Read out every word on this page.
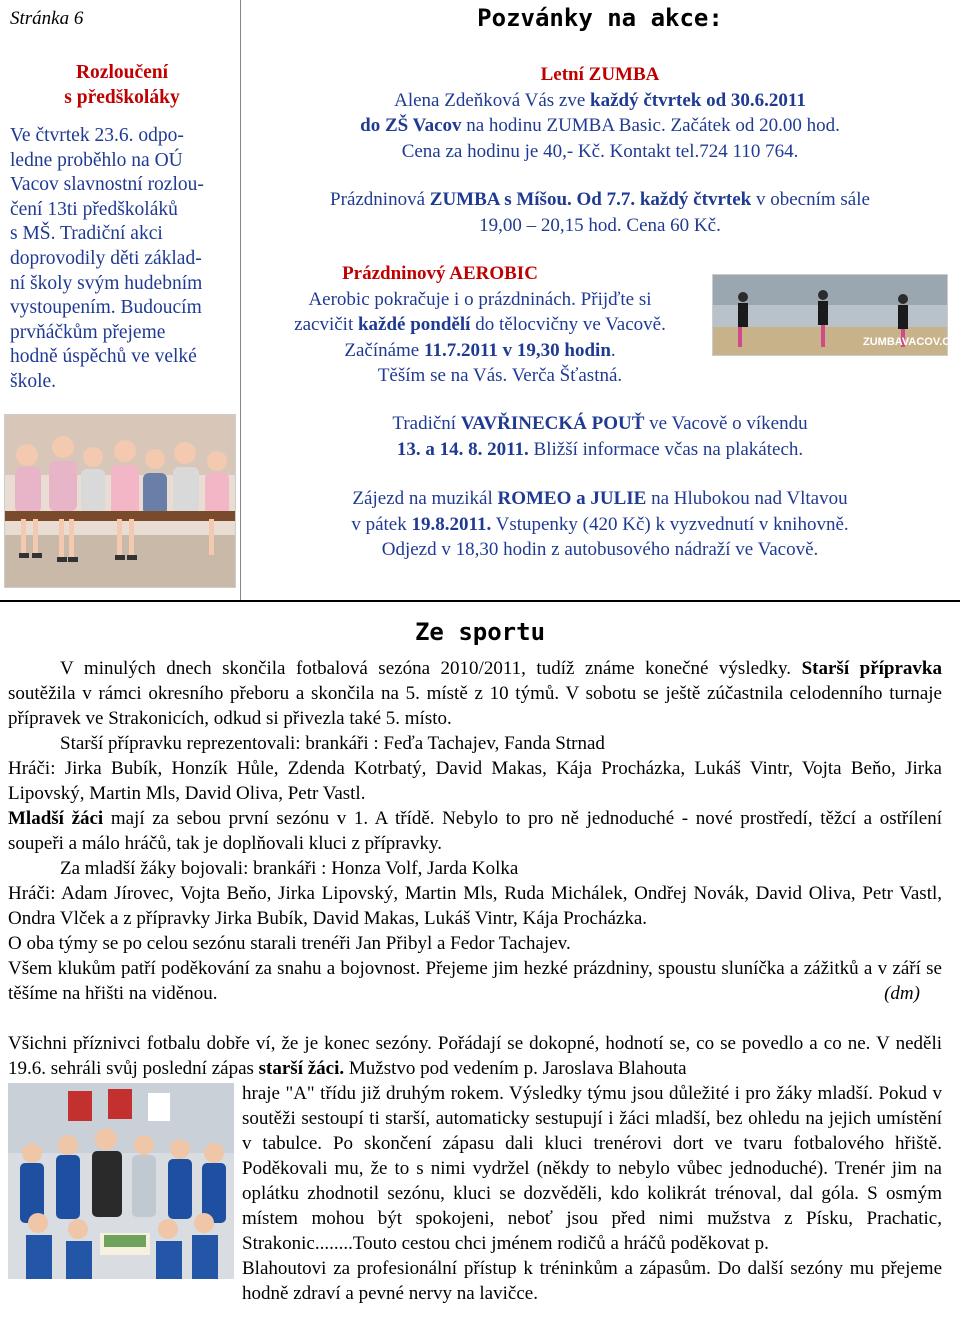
Stránka 6
Rozloučení
s předškoláky
Ve čtvrtek 23.6. odpo-
ledne proběhlo na OÚ
Vacov slavnostní rozlou-
čení 13ti předškoláků
s MŠ. Tradiční akci
doprovodily děti základ-
ní školy svým hudebním
vystoupením. Budoucím
prvňáčkům přejeme
hodně úspěchů ve velké
škole.
Pozvánky na akce:
Letní ZUMBA
Alena Zdeňková Vás zve každý čtvrtek od 30.6.2011
do ZŠ Vacov na hodinu ZUMBA Basic. Začátek od 20.00 hod.
Cena za hodinu je 40,- Kč. Kontakt tel.724 110 764.
Prázdninová ZUMBA s Míšou. Od 7.7. každý čtvrtek v obecním sále
19,00 – 20,15 hod. Cena 60 Kč.
Prázdninový AEROBIC
Aerobic pokračuje i o prázdninách. Přijďte si
zacvičit každé pondělí do tělocvičny ve Vacově.
Začínáme 11.7.2011 v 19,30 hodin.
Těším se na Vás. Verča Šťastná.
ZUMBAVACOV.CZ
Tradiční VAVŘINECKÁ POUŤ ve Vacově o víkendu
13. a 14. 8. 2011. Bližší informace včas na plakátech.
Zájezd na muzikál ROMEO a JULIE na Hlubokou nad Vltavou
v pátek 19.8.2011. Vstupenky (420 Kč) k vyzvednutí v knihovně.
Odjezd v 18,30 hodin z autobusového nádraží ve Vacově.
Ze sportu

V minulých dnech skončila fotbalová sezóna 2010/2011, tudíž známe konečné výsledky. Starší přípravka soutěžila v rámci okresního přeboru a skončila na 5. místě z 10 týmů. V sobotu se ještě zúčastnila celodenního turnaje přípravek ve Strakonicích, odkud si přivezla také 5. místo.

Starší přípravku reprezentovali: brankáři : Feďa Tachajev, Fanda Strnad

Hráči: Jirka Bubík, Honzík Hůle, Zdenda Kotrbatý, David Makas, Kája Procházka, Lukáš Vintr, Vojta Beňo, Jirka Lipovský, Martin Mls, David Oliva, Petr Vastl.

Mladší žáci mají za sebou první sezónu v 1. A třídě. Nebylo to pro ně jednoduché - nové prostředí, těžcí a ostřílení soupeři a málo hráčů, tak je doplňovali kluci z přípravky.

Za mladší žáky bojovali: brankáři : Honza Volf, Jarda Kolka

Hráči: Adam Jírovec, Vojta Beňo, Jirka Lipovský, Martin Mls, Ruda Michálek, Ondřej Novák, David Oliva, Petr Vastl, Ondra Vlček a z přípravky Jirka Bubík, David Makas, Lukáš Vintr, Kája Procházka.

O oba týmy se po celou sezónu starali trenéři Jan Přibyl a Fedor Tachajev.

Všem klukům patří poděkování za snahu a bojovnost. Přejeme jim hezké prázdniny, spoustu sluníčka a zážitků a v září se těšíme na hřišti na viděnou.	(dm)

Všichni příznivci fotbalu dobře ví, že je konec sezóny. Pořádají se dokopné, hodnotí se, co se povedlo a co ne. V neděli 19.6. sehráli svůj poslední zápas starší žáci. Mužstvo pod vedením p. Jaroslava Blahouta

hraje "A" třídu již druhým rokem. Výsledky týmu jsou důležité i pro žáky mladší. Pokud v soutěži sestoupí ti starší, automaticky sestupují i žáci mladší, bez ohledu na jejich umístění v tabulce. Po skončení zápasu dali kluci trenérovi dort ve tvaru fotbalového hřiště. Poděkovali mu, že to s nimi vydržel (někdy to nebylo vůbec jednoduché). Trenér jim na oplátku zhodnotil sezónu, kluci se dozvěděli, kdo kolikrát trénoval, dal góla. S osmým místem mohou být spokojeni, neboť jsou před nimi mužstva z Písku, Prachatic, Strakonic........Touto cestou chci jménem rodičů a hráčů poděkovat p.

Blahoutovi za profesionální přístup k tréninkům a zápasům. Do další sezóny mu přejeme hodně zdraví a pevné nervy na lavičce.
